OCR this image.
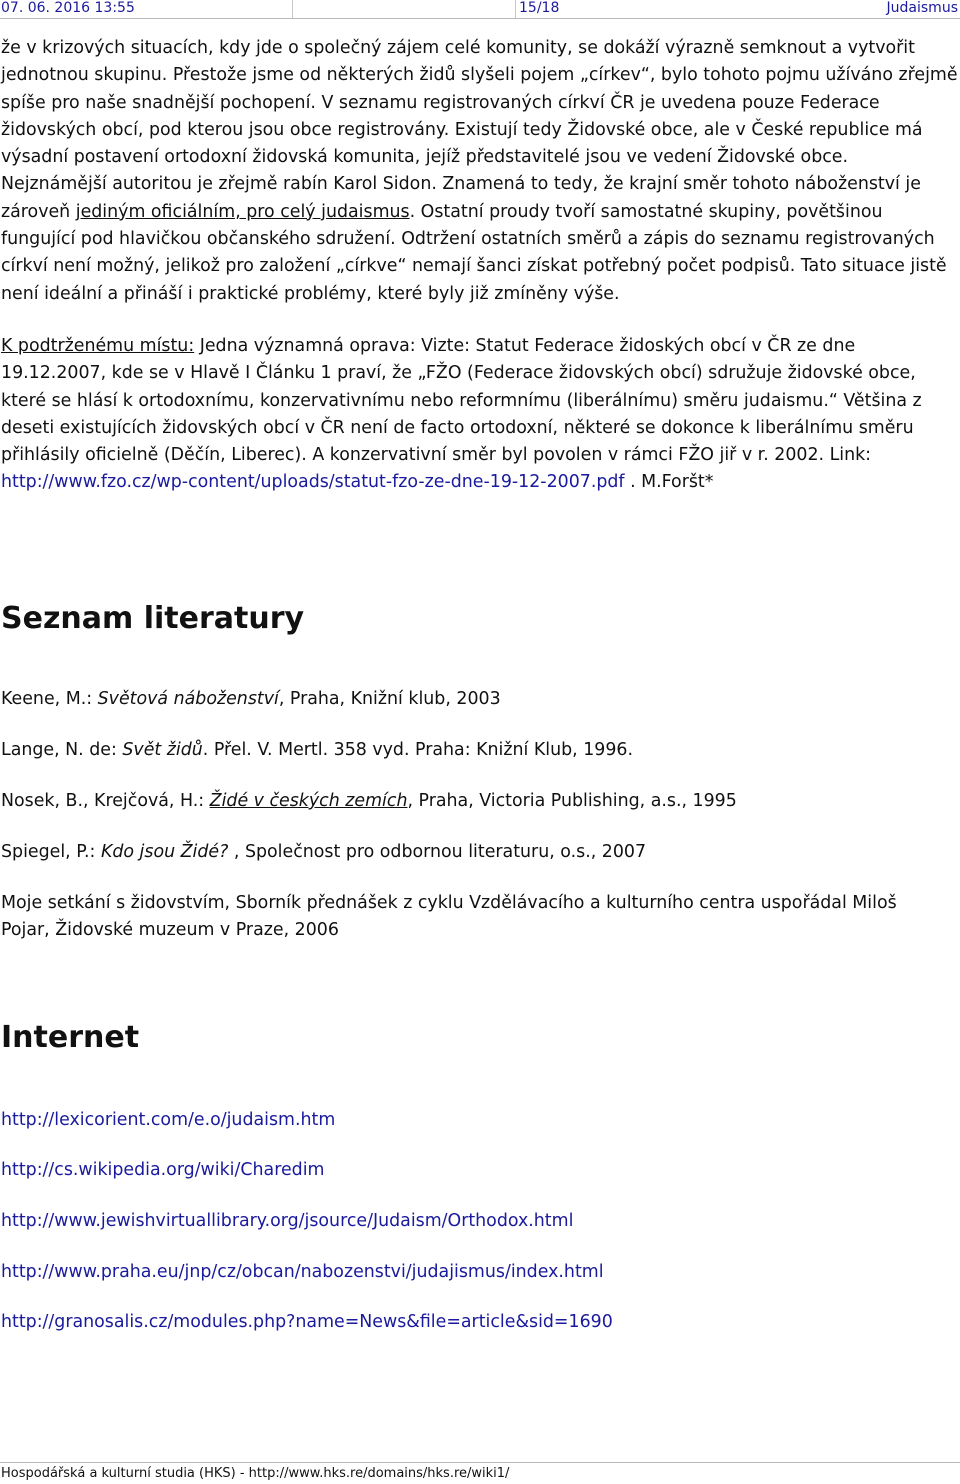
07. 06. 2016 13:55	15/18	Judaismus

že v krizových situacích, kdy jde o společný zájem celé komunity, se dokáží výrazně semknout a vytvořit jednotnou skupinu. Přestože jsme od některých židů slyšeli pojem „církev“, bylo tohoto pojmu užíváno zřejmě spíše pro naše snadnější pochopení. V seznamu registrovaných církví ČR je uvedena pouze Federace židovských obcí, pod kterou jsou obce registrovány. Existují tedy Židovské obce, ale v České republice má výsadní postavení ortodoxní židovská komunita, jejíž představitelé jsou ve vedení Židovské obce. Nejznámější autoritou je zřejmě rabín Karol Sidon. Znamená to tedy, že krajní směr tohoto náboženství je zároveň jediným oficiálním, pro celý judaismus. Ostatní proudy tvoří samostatné skupiny, povětšinou fungující pod hlavičkou občanského sdružení. Odtržení ostatních směrů a zápis do seznamu registrovaných církví není možný, jelikož pro založení „církve“ nemají šanci získat potřebný počet podpisů. Tato situace jistě není ideální a přináší i praktické problémy, které byly již zmíněny výše.

K podtrženému místu: Jedna významná oprava: Vizte: Statut Federace židoských obcí v ČR ze dne 19.12.2007, kde se v Hlavě I Článku 1 praví, že „FŽO (Federace židovských obcí) sdružuje židovské obce, které se hlásí k ortodoxnímu, konzervativnímu nebo reformnímu (liberálnímu) směru judaismu.“ Většina z deseti existujících židovských obcí v ČR není de facto ortodoxní, některé se dokonce k liberálnímu směru přihlásily oficielně (Děčín, Liberec). A konzervativní směr byl povolen v rámci FŽO jiř v r. 2002. Link: http://www.fzo.cz/wp-content/uploads/statut-fzo-ze-dne-19-12-2007.pdf . M.Foršt*

Seznam literatury

Keene, M.: Světová náboženství, Praha, Knižní klub, 2003

Lange, N. de: Svět židů. Přel. V. Mertl. 358 vyd. Praha: Knižní Klub, 1996.

Nosek, B., Krejčová, H.: Židé v českých zemích, Praha, Victoria Publishing, a.s., 1995

Spiegel, P.: Kdo jsou Židé? , Společnost pro odbornou literaturu, o.s., 2007

Moje setkání s židovstvím, Sborník přednášek z cyklu Vzdělávacího a kulturního centra uspořádal Miloš Pojar, Židovské muzeum v Praze, 2006

Internet
http://lexicorient.com/e.o/judaism.htm
http://cs.wikipedia.org/wiki/Charedim
http://www.jewishvirtuallibrary.org/jsource/Judaism/Orthodox.html
http://www.praha.eu/jnp/cz/obcan/nabozenstvi/judajismus/index.html
http://granosalis.cz/modules.php?name=News&file=article&sid=1690
Hospodářská a kulturní studia (HKS) - http://www.hks.re/domains/hks.re/wiki1/
